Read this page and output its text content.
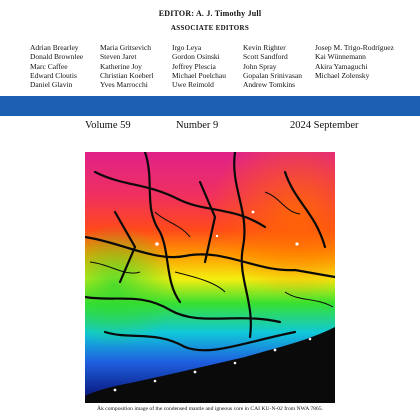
EDITOR: A. J. Timothy Jull
ASSOCIATE EDITORS
Adrian Brearley
Donald Brownlee
Marc Caffee
Edward Cloutis
Daniel Glavin
Maria Gritsevich
Steven Jaret
Katherine Joy
Christian Koeberl
Yves Marrocchi
Irgo Leya
Gordon Osinski
Jeffrey Plescia
Michael Poelchau
Uwe Reimold
Kevin Righter
Scott Sandford
John Spray
Gopalan Srinivasan
Andrew Tomkins
Josep M. Trigo-Rodríguez
Kai Wünnemann
Akira Yamaguchi
Michael Zolensky
Volume 59	Number 9	2024 September
Åk composition image of the condensed mantle and igneous core in CAI KU-N-02 from NWA 7865.
